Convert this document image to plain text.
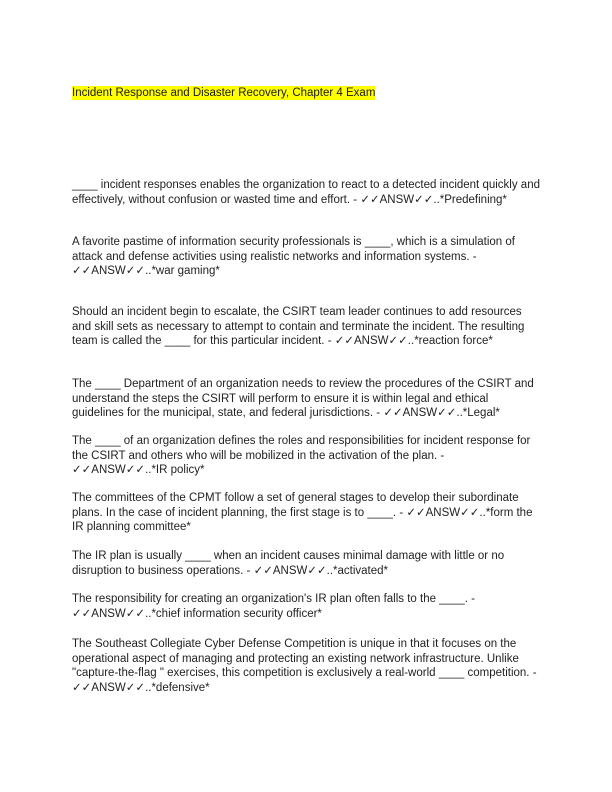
Incident Response and Disaster Recovery, Chapter 4 Exam
____ incident responses enables the organization to react to a detected incident quickly and effectively, without confusion or wasted time and effort. - ✓✓ANSW✓✓..*Predefining*
A favorite pastime of information security professionals is ____, which is a simulation of attack and defense activities using realistic networks and information systems. - ✓✓ANSW✓✓..*war gaming*
Should an incident begin to escalate, the CSIRT team leader continues to add resources and skill sets as necessary to attempt to contain and terminate the incident. The resulting team is called the ____ for this particular incident. - ✓✓ANSW✓✓..*reaction force*
The ____ Department of an organization needs to review the procedures of the CSIRT and understand the steps the CSIRT will perform to ensure it is within legal and ethical guidelines for the municipal, state, and federal jurisdictions. - ✓✓ANSW✓✓..*Legal*
The ____ of an organization defines the roles and responsibilities for incident response for the CSIRT and others who will be mobilized in the activation of the plan. - ✓✓ANSW✓✓..*IR policy*
The committees of the CPMT follow a set of general stages to develop their subordinate plans. In the case of incident planning, the first stage is to ____. - ✓✓ANSW✓✓..*form the IR planning committee*
The IR plan is usually ____ when an incident causes minimal damage with little or no disruption to business operations. - ✓✓ANSW✓✓..*activated*
The responsibility for creating an organization's IR plan often falls to the ____. - ✓✓ANSW✓✓..*chief information security officer*
The Southeast Collegiate Cyber Defense Competition is unique in that it focuses on the operational aspect of managing and protecting an existing network infrastructure. Unlike "capture-the-flag " exercises, this competition is exclusively a real-world ____ competition. - ✓✓ANSW✓✓..*defensive*
